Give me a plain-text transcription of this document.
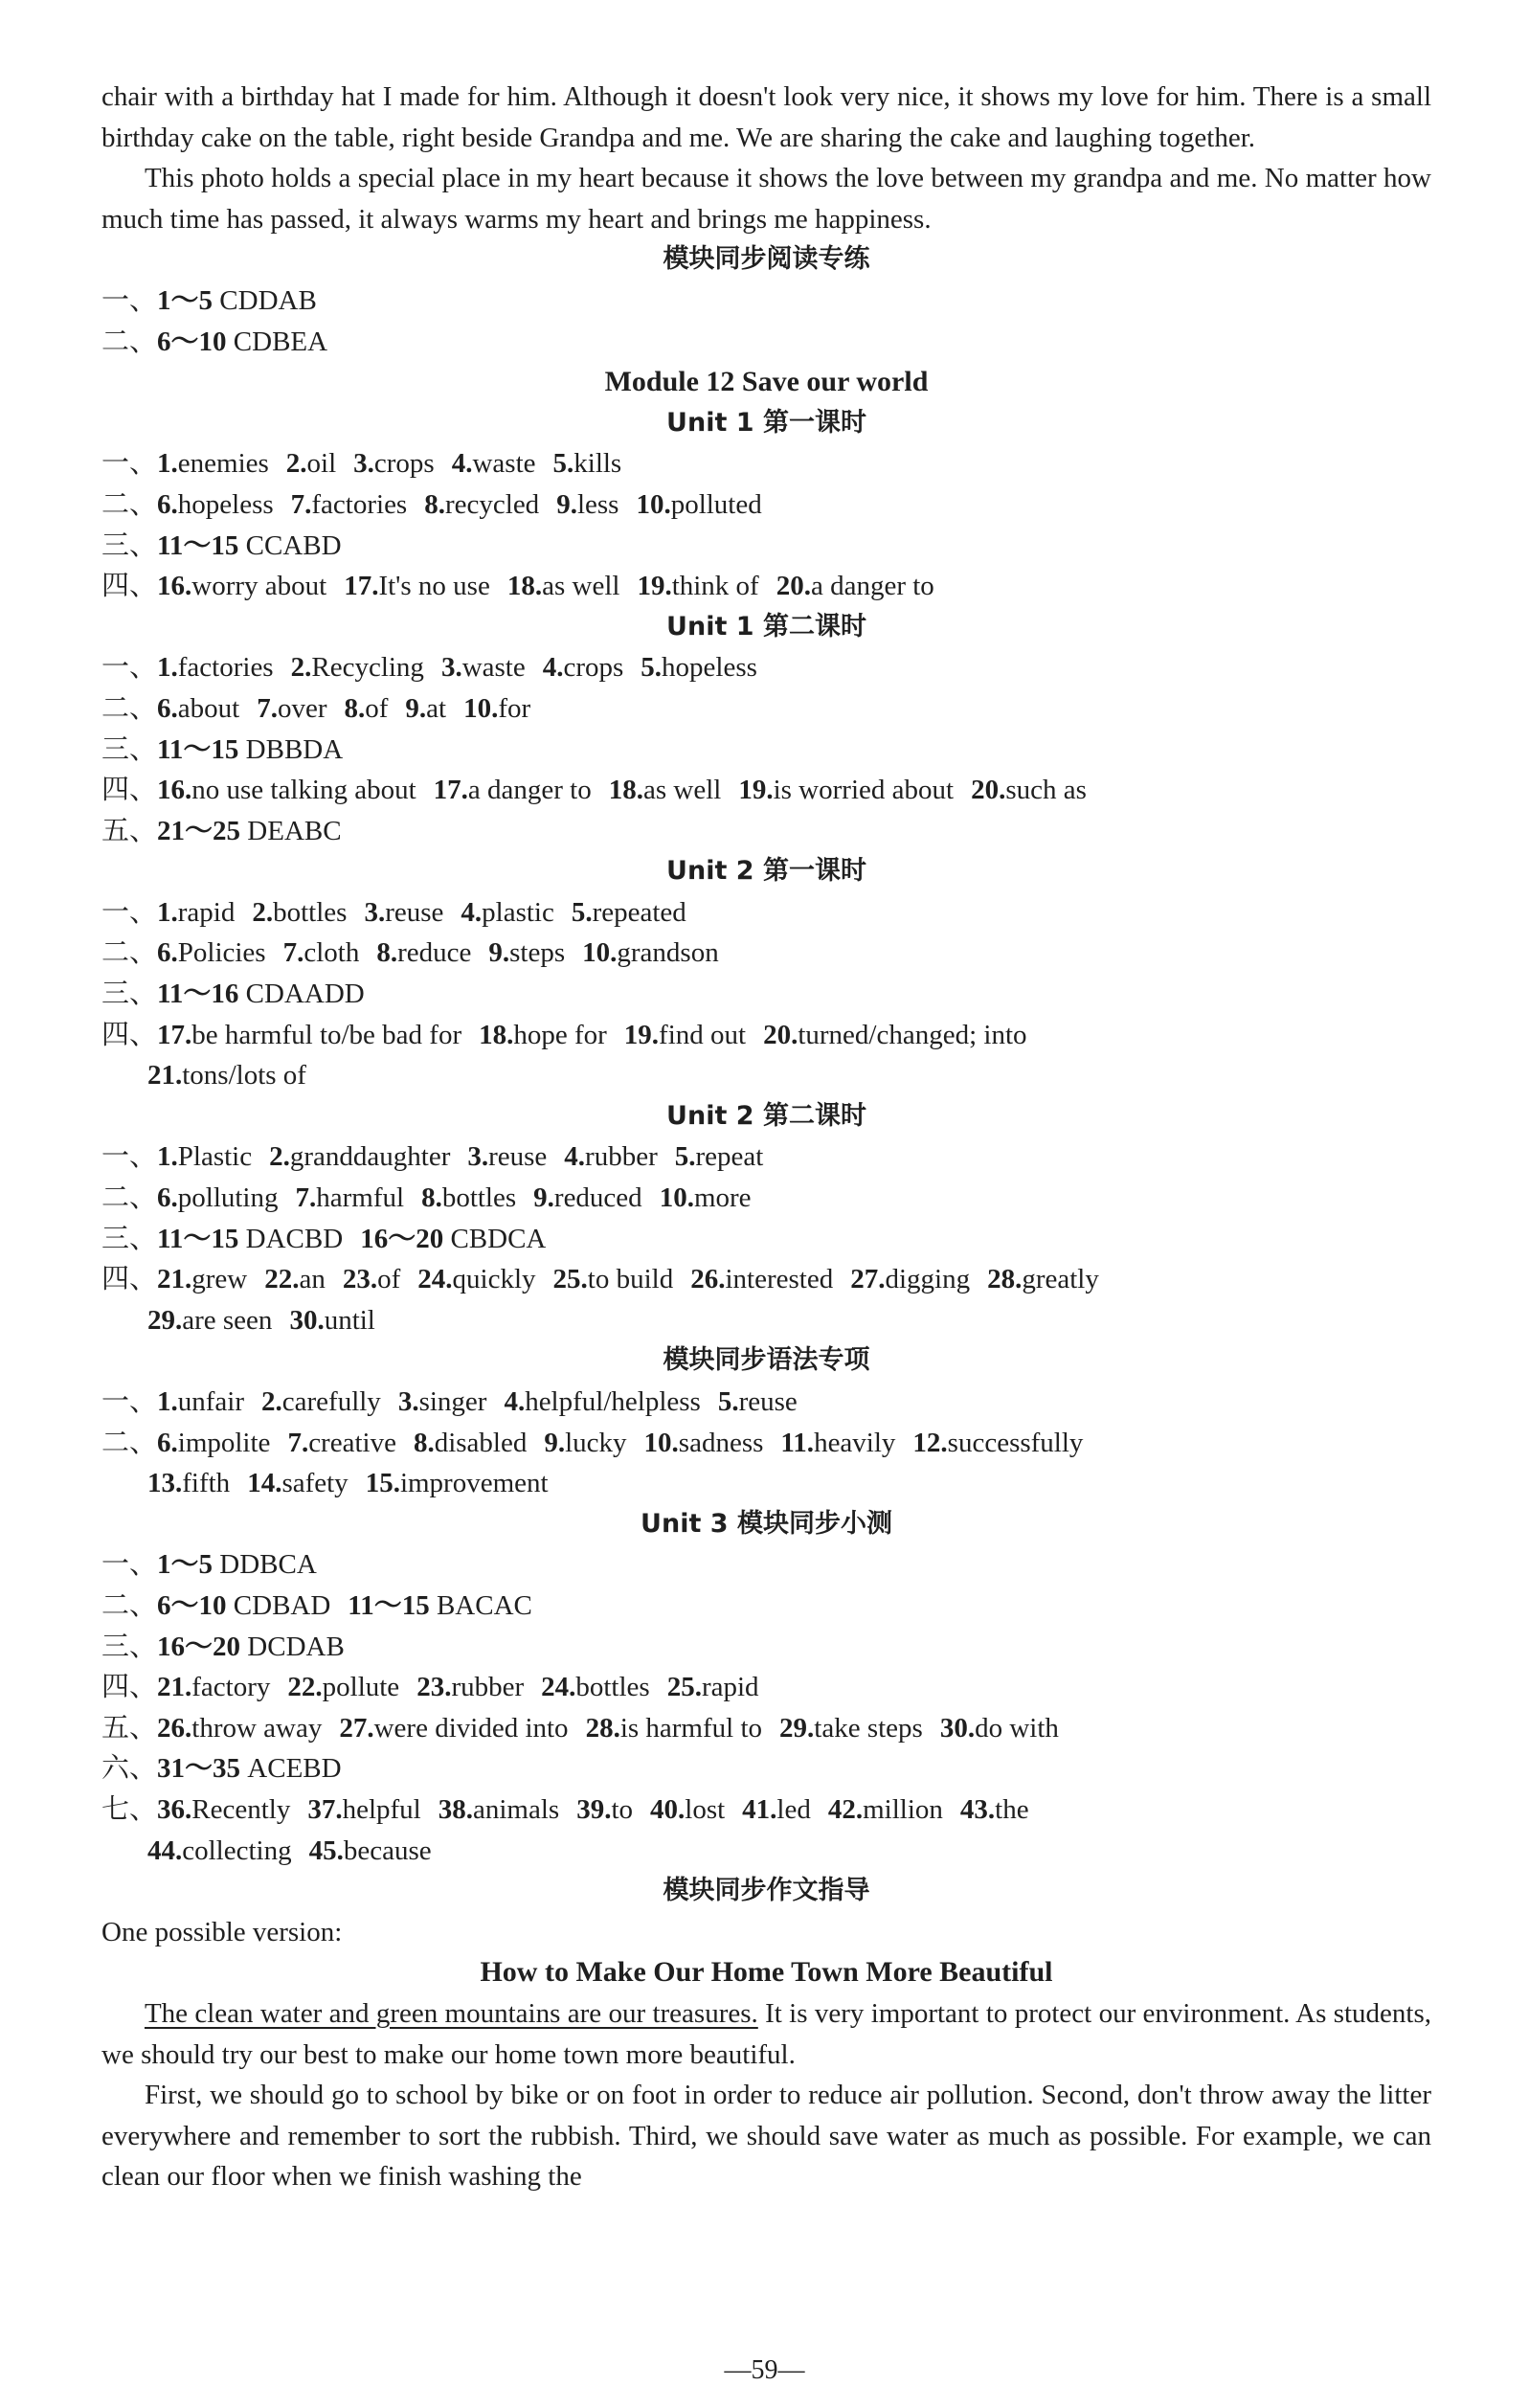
chair with a birthday hat I made for him. Although it doesn't look very nice, it shows my love for him. There is a small birthday cake on the table, right beside Grandpa and me. We are sharing the cake and laughing together.

This photo holds a special place in my heart because it shows the love between my grandpa and me. No matter how much time has passed, it always warms my heart and brings me happiness.

模块同步阅读专练
一、1～5 CDDAB
二、6～10 CDBEA
Module 12 Save our world
Unit 1 第一课时
一、1.enemies 2.oil 3.crops 4.waste 5.kills
二、6.hopeless 7.factories 8.recycled 9.less 10.polluted
三、11～15 CCABD
四、16.worry about 17.It's no use 18.as well 19.think of 20.a danger to
Unit 1 第二课时
一、1.factories 2.Recycling 3.waste 4.crops 5.hopeless
二、6.about 7.over 8.of 9.at 10.for
三、11～15 DBBDA
四、16.no use talking about 17.a danger to 18.as well 19.is worried about 20.such as
五、21～25 DEABC
Unit 2 第一课时
一、1.rapid 2.bottles 3.reuse 4.plastic 5.repeated
二、6.Policies 7.cloth 8.reduce 9.steps 10.grandson
三、11～16 CDAADD
四、17.be harmful to/be bad for 18.hope for 19.find out 20.turned/changed; into
21.tons/lots of
Unit 2 第二课时
一、1.Plastic 2.granddaughter 3.reuse 4.rubber 5.repeat
二、6.polluting 7.harmful 8.bottles 9.reduced 10.more
三、11～15 DACBD 16～20 CBDCA
四、21.grew 22.an 23.of 24.quickly 25.to build 26.interested 27.digging 28.greatly
29.are seen 30.until
模块同步语法专项
一、1.unfair 2.carefully 3.singer 4.helpful/helpless 5.reuse
二、6.impolite 7.creative 8.disabled 9.lucky 10.sadness 11.heavily 12.successfully
13.fifth 14.safety 15.improvement
Unit 3 模块同步小测
一、1～5 DDBCA
二、6～10 CDBAD 11～15 BACAC
三、16～20 DCDAB
四、21.factory 22.pollute 23.rubber 24.bottles 25.rapid
五、26.throw away 27.were divided into 28.is harmful to 29.take steps 30.do with
六、31～35 ACEBD
七、36.Recently 37.helpful 38.animals 39.to 40.lost 41.led 42.million 43.the
44.collecting 45.because
模块同步作文指导
One possible version:
How to Make Our Home Town More Beautiful

The clean water and green mountains are our treasures. It is very important to protect our environment. As students, we should try our best to make our home town more beautiful.

First, we should go to school by bike or on foot in order to reduce air pollution. Second, don't throw away the litter everywhere and remember to sort the rubbish. Third, we should save water as much as possible. For example, we can clean our floor when we finish washing the

—59—
